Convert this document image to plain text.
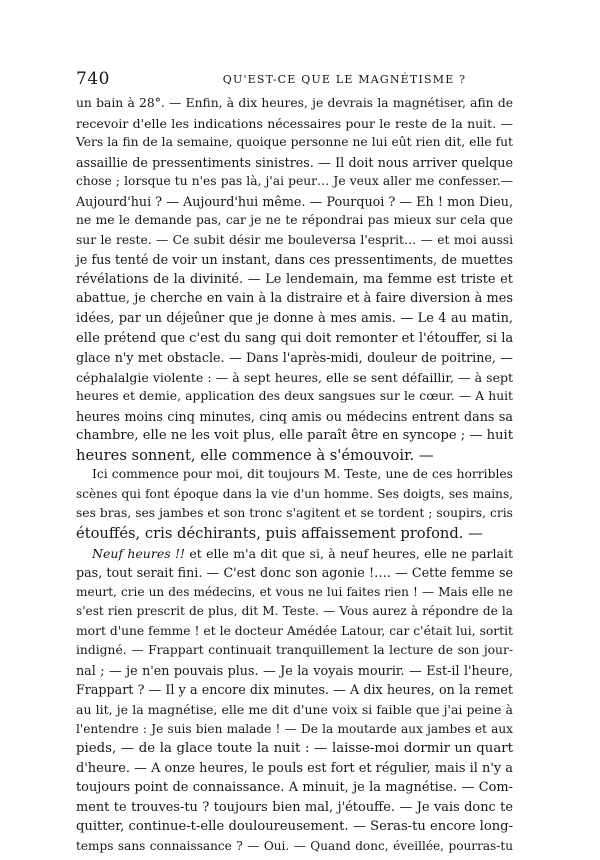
740	QU'EST-CE QUE LE MAGNÉTISME ?
un bain à 28°. — Enfin, à dix heures, je devrais la magnétiser, afin de
recevoir d'elle les indications nécessaires pour le reste de la nuit. —
Vers la fin de la semaine, quoique personne ne lui eût rien dit, elle fut
assaillie de pressentiments sinistres. — Il doit nous arriver quelque
chose ; lorsque tu n'es pas là, j'ai peur… Je veux aller me confesser.—
Aujourd'hui ? — Aujourd'hui même. — Pourquoi ? — Eh ! mon Dieu,
ne me le demande pas, car je ne te répondrai pas mieux sur cela que
sur le reste. — Ce subit désir me bouleversa l'esprit… — et moi aussi
je fus tenté de voir un instant, dans ces pressentiments, de muettes
révélations de la divinité. — Le lendemain, ma femme est triste et
abattue, je cherche en vain à la distraire et à faire diversion à mes
idées, par un déjeûner que je donne à mes amis. — Le 4 au matin,
elle prétend que c'est du sang qui doit remonter et l'étouffer, si la
glace n'y met obstacle. — Dans l'après-midi, douleur de poitrine, —
céphalalgie violente : — à sept heures, elle se sent défaillir, — à sept
heures et demie, application des deux sangsues sur le cœur. — A huit
heures moins cinq minutes, cinq amis ou médecins entrent dans sa
chambre, elle ne les voit plus, elle paraît être en syncope ; — huit
heures sonnent, elle commence à s'émouvoir. —
Ici commence pour moi, dit toujours M. Teste, une de ces horribles
scènes qui font époque dans la vie d'un homme. Ses doigts, ses mains,
ses bras, ses jambes et son tronc s'agitent et se tordent ; soupirs, cris
étouffés, cris déchirants, puis affaissement profond. —
Neuf heures !! et elle m'a dit que si, à neuf heures, elle ne parlait
pas, tout serait fini. — C'est donc son agonie !…. — Cette femme se
meurt, crie un des médecins, et vous ne lui faites rien ! — Mais elle ne
s'est rien prescrit de plus, dit M. Teste. — Vous aurez à répondre de la
mort d'une femme ! et le docteur Amédée Latour, car c'était lui, sortit
indigné. — Frappart continuait tranquillement la lecture de son jour-
nal ; — je n'en pouvais plus. — Je la voyais mourir. — Est-il l'heure,
Frappart ? — Il y a encore dix minutes. — A dix heures, on la remet
au lit, je la magnétise, elle me dit d'une voix si faible que j'ai peine à
l'entendre : Je suis bien malade ! — De la moutarde aux jambes et aux
pieds, — de la glace toute la nuit : — laisse-moi dormir un quart
d'heure. — A onze heures, le pouls est fort et régulier, mais il n'y a
toujours point de connaissance. A minuit, je la magnétise. — Com-
ment te trouves-tu ? toujours bien mal, j'étouffe. — Je vais donc te
quitter, continue-t-elle douloureusement. — Seras-tu encore long-
temps sans connaissance ? — Oui. — Quand donc, éveillée, pourras-tu
